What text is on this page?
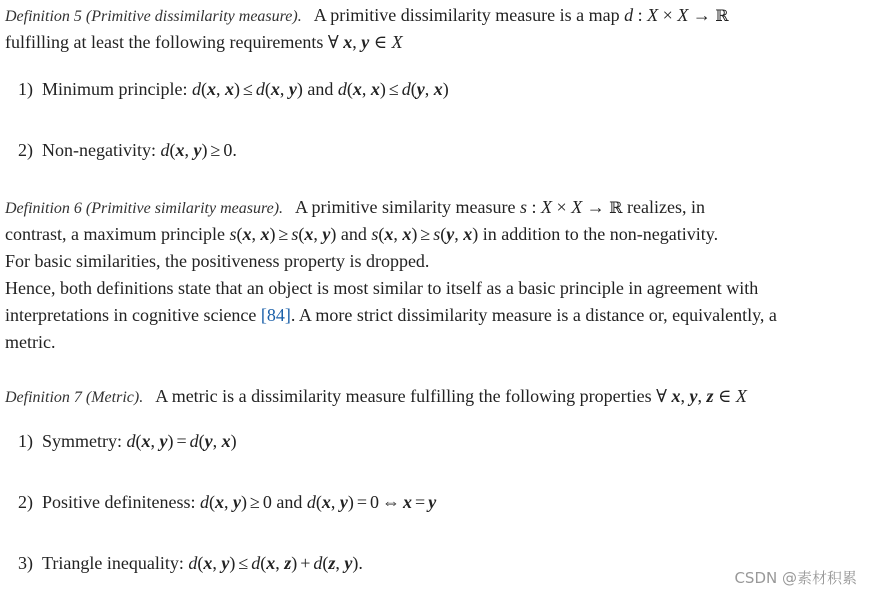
Definition 5 (Primitive dissimilarity measure). A primitive dissimilarity measure is a map d : X × X → ℝ
fulfilling at least the following requirements ∀ x, y ∈ X
1) Minimum principle: d(x, x) ≤ d(x, y) and d(x, x) ≤ d(y, x)
2) Non-negativity: d(x, y) ≥ 0.
Definition 6 (Primitive similarity measure). A primitive similarity measure s : X × X → ℝ realizes, in
contrast, a maximum principle s(x, x) ≥ s(x, y) and s(x, x) ≥ s(y, x) in addition to the non-negativity.
For basic similarities, the positiveness property is dropped.
Hence, both definitions state that an object is most similar to itself as a basic principle in agreement with
interpretations in cognitive science [84]. A more strict dissimilarity measure is a distance or, equivalently, a
metric.
Definition 7 (Metric). A metric is a dissimilarity measure fulfilling the following properties ∀ x, y, z ∈ X
1) Symmetry: d(x, y) = d(y, x)
2) Positive definiteness: d(x, y) ≥ 0 and d(x, y) = 0 ⇔ x = y
3) Triangle inequality: d(x, y) ≤ d(x, z) + d(z, y).
CSDN @素材积累
